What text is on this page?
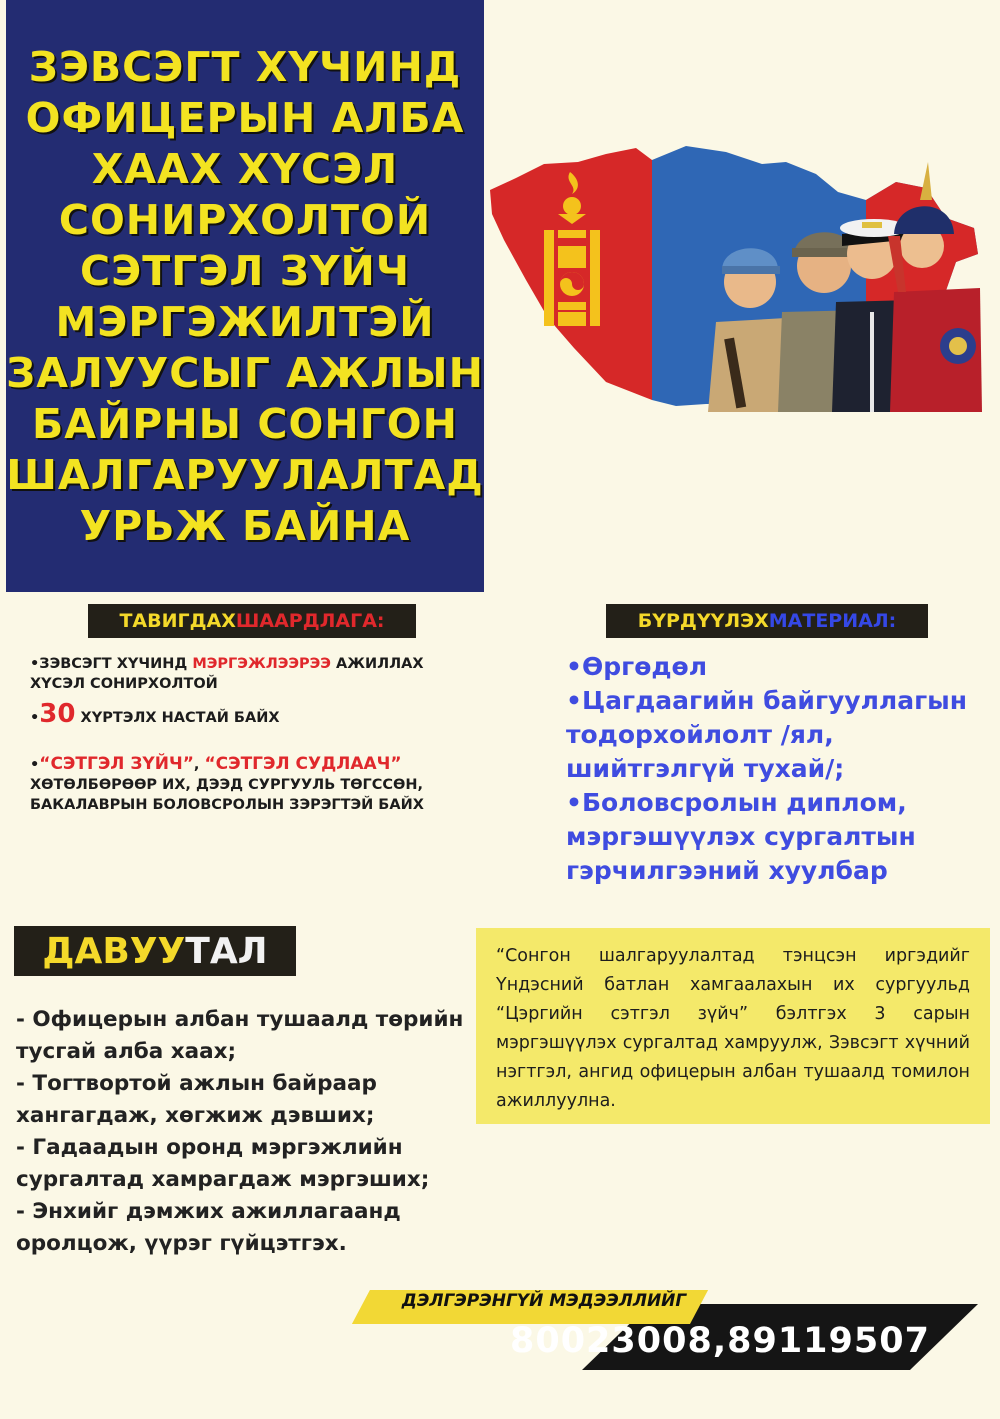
ЗЭВСЭГТ ХҮЧИНД
ОФИЦЕРЫН АЛБА
ХААХ ХҮСЭЛ
СОНИРХОЛТОЙ
СЭТГЭЛ ЗҮЙЧ
МЭРГЭЖИЛТЭЙ
ЗАЛУУСЫГ АЖЛЫН
БАЙРНЫ СОНГОН
ШАЛГАРУУЛАЛТАД
УРЬЖ БАЙНА
ТАВИГДАХ ШААРДЛАГА:
•ЗЭВСЭГТ ХҮЧИНД МЭРГЭЖЛЭЭРЭЭ АЖИЛЛАХ
ХҮСЭЛ СОНИРХОЛТОЙ
•30 ХҮРТЭЛХ НАСТАЙ БАЙХ
•“СЭТГЭЛ ЗҮЙЧ”, “СЭТГЭЛ СУДЛААЧ”
ХӨТӨЛБӨРӨӨР ИХ, ДЭЭД СУРГУУЛЬ ТӨГССӨН,
БАКАЛАВРЫН БОЛОВСРОЛЫН ЗЭРЭГТЭЙ БАЙХ
БҮРДҮҮЛЭХ МАТЕРИАЛ:
•Өргөдөл
•Цагдаагийн байгууллагын
тодорхойлолт /ял,
шийтгэлгүй тухай/;
•Боловсролын диплом,
мэргэшүүлэх сургалтын
гэрчилгээний хуулбар
ДАВУУ ТАЛ
- Офицерын албан тушаалд төрийн
тусгай алба хаах;
- Тогтвортой ажлын байраар
хангагдаж, хөгжиж дэвших;
- Гадаадын оронд мэргэжлийн
сургалтад хамрагдаж мэргэших;
- Энхийг дэмжих ажиллагаанд
оролцож, үүрэг гүйцэтгэх.
“Сонгон шалгаруулалтад тэнцсэн иргэдийг Үндэсний батлан хамгаалахын их сургуульд “Цэргийн сэтгэл зүйч” бэлтгэх 3 сарын мэргэшүүлэх сургалтад хамруулж, Зэвсэгт хүчний нэгтгэл, ангид офицерын албан тушаалд томилон ажиллуулна.
ДЭЛГЭРЭНГҮЙ МЭДЭЭЛЛИЙГ
80023008,89119507
